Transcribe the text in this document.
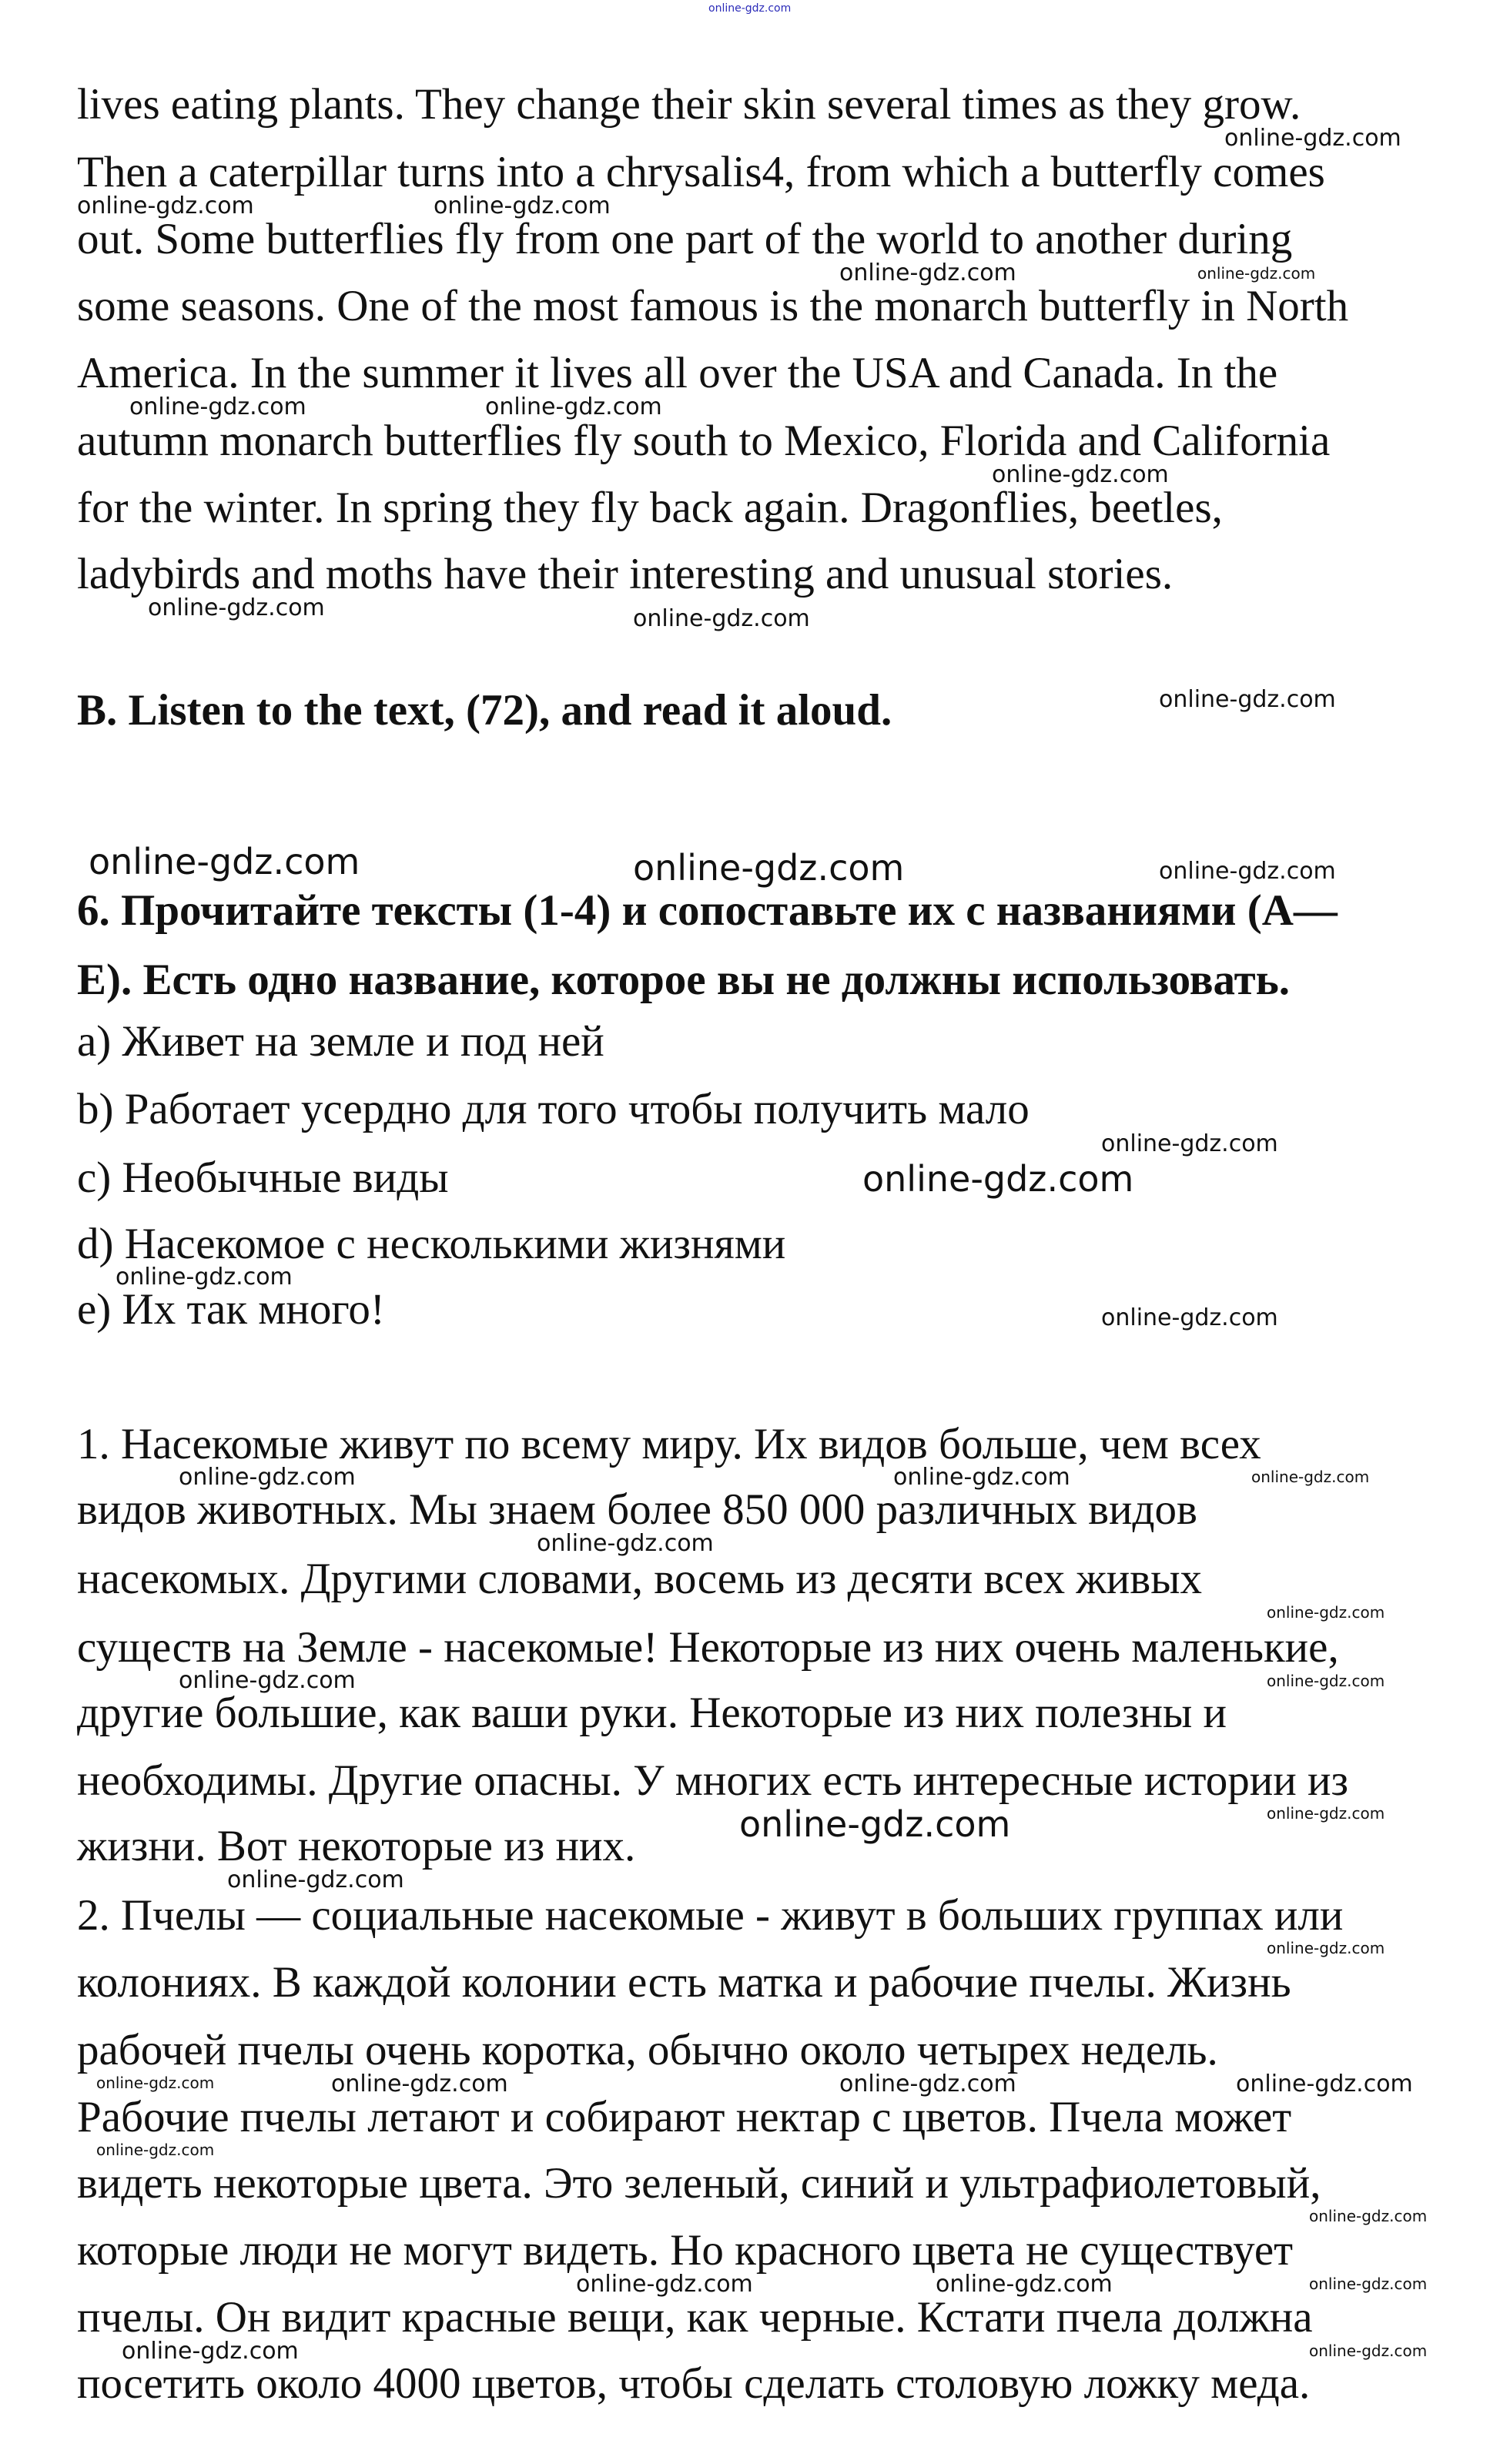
online-gdz.com
lives eating plants. They change their skin several times as they grow.
Then a caterpillar turns into a chrysalis4, from which a butterfly comes
out. Some butterflies fly from one part of the world to another during
some seasons. One of the most famous is the monarch butterfly in North
America. In the summer it lives all over the USA and Canada. In the
autumn monarch butterflies fly south to Mexico, Florida and California
for the winter. In spring they fly back again. Dragonflies, beetles,
ladybirds and moths have their interesting and unusual stories.
B. Listen to the text, (72), and read it aloud.
6. Прочитайте тексты (1-4) и сопоставьте их с названиями (A—
E). Есть одно название, которое вы не должны использовать.
a) Живет на земле и под ней
b) Работает усердно для того чтобы получить мало
c) Необычные виды
d) Насекомое с несколькими жизнями
e) Их так много!
1. Насекомые живут по всему миру. Их видов больше, чем всех
видов животных. Мы знаем более 850 000 различных видов
насекомых. Другими словами, восемь из десяти всех живых
существ на Земле - насекомые! Некоторые из них очень маленькие,
другие большие, как ваши руки. Некоторые из них полезны и
необходимы. Другие опасны. У многих есть интересные истории из
жизни. Вот некоторые из них.
2. Пчелы — социальные насекомые - живут в больших группах или
колониях. В каждой колонии есть матка и рабочие пчелы. Жизнь
рабочей пчелы очень коротка, обычно около четырех недель.
Рабочие пчелы летают и собирают нектар с цветов. Пчела может
видеть некоторые цвета. Это зеленый, синий и ультрафиолетовый,
которые люди не могут видеть. Но красного цвета не существует
пчелы. Он видит красные вещи, как черные. Кстати пчела должна
посетить около 4000 цветов, чтобы сделать столовую ложку меда.
online-gdz.com
online-gdz.com	online-gdz.com
online-gdz.com	online-gdz.com
online-gdz.com	online-gdz.com
online-gdz.com
online-gdz.com	online-gdz.com
online-gdz.com
online-gdz.com	online-gdz.com	online-gdz.com
online-gdz.com
online-gdz.com
online-gdz.com
online-gdz.com
online-gdz.com	online-gdz.com	online-gdz.com
online-gdz.com
online-gdz.com
online-gdz.com	online-gdz.com
online-gdz.com	online-gdz.com
online-gdz.com
online-gdz.com
online-gdz.com	online-gdz.com	online-gdz.com	online-gdz.com
online-gdz.com
online-gdz.com
online-gdz.com	online-gdz.com	online-gdz.com
online-gdz.com	online-gdz.com
